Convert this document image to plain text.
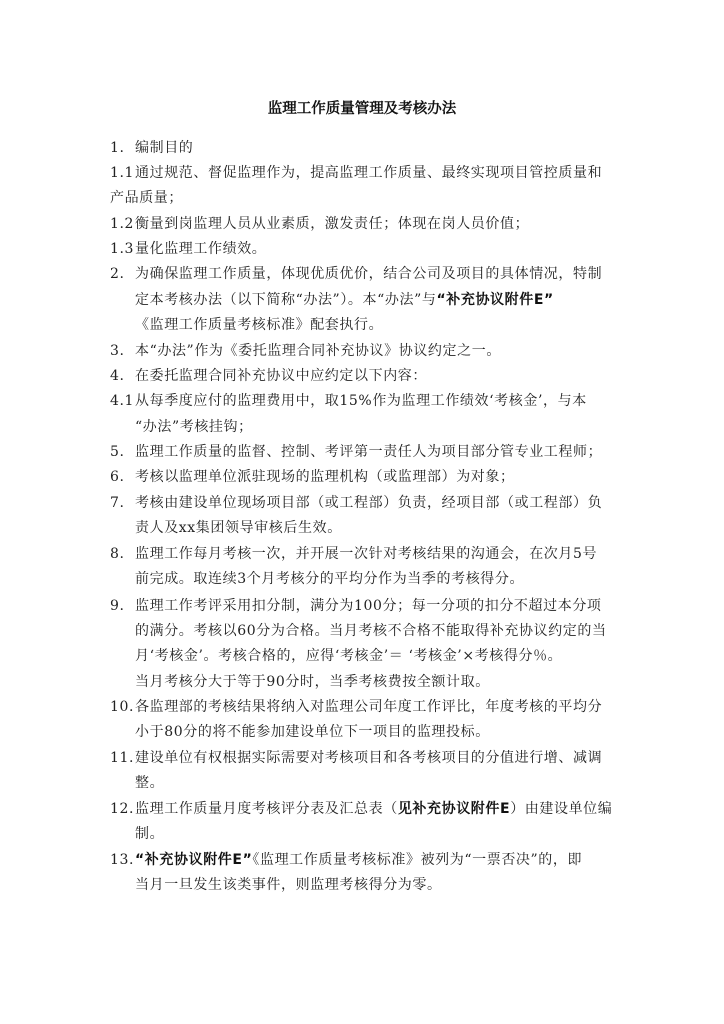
监理工作质量管理及考核办法
1. 编制目的
1.1通过规范、督促监理作为，提高监理工作质量、最终实现项目管控质量和
产品质量；
1.2衡量到岗监理人员从业素质，激发责任；体现在岗人员价值；
1.3量化监理工作绩效。
2. 为确保监理工作质量，体现优质优价，结合公司及项目的具体情况，特制
定本考核办法（以下简称“办法”）。本“办法”与“补充协议附件E”
《监理工作质量考核标准》配套执行。
3. 本“办法”作为《委托监理合同补充协议》协议约定之一。
4. 在委托监理合同补充协议中应约定以下内容：
4.1从每季度应付的监理费用中，取15%作为监理工作绩效‘考核金’，与本
“办法”考核挂钩；
5. 监理工作质量的监督、控制、考评第一责任人为项目部分管专业工程师；
6. 考核以监理单位派驻现场的监理机构（或监理部）为对象；
7. 考核由建设单位现场项目部（或工程部）负责，经项目部（或工程部）负
责人及xx集团领导审核后生效。
8. 监理工作每月考核一次，并开展一次针对考核结果的沟通会，在次月5号
前完成。取连续3个月考核分的平均分作为当季的考核得分。
9. 监理工作考评采用扣分制，满分为100分；每一分项的扣分不超过本分项
的满分。考核以60分为合格。当月考核不合格不能取得补充协议约定的当
月‘考核金’。考核合格的，应得‘考核金’＝ ‘考核金’×考核得分％。
当月考核分大于等于90分时，当季考核费按全额计取。
10.各监理部的考核结果将纳入对监理公司年度工作评比，年度考核的平均分
小于80分的将不能参加建设单位下一项目的监理投标。
11.建设单位有权根据实际需要对考核项目和各考核项目的分值进行增、减调
整。
12.监理工作质量月度考核评分表及汇总表（见补充协议附件E）由建设单位编
制。
13.“补充协议附件E”《监理工作质量考核标准》被列为“一票否决”的，即
当月一旦发生该类事件，则监理考核得分为零。
